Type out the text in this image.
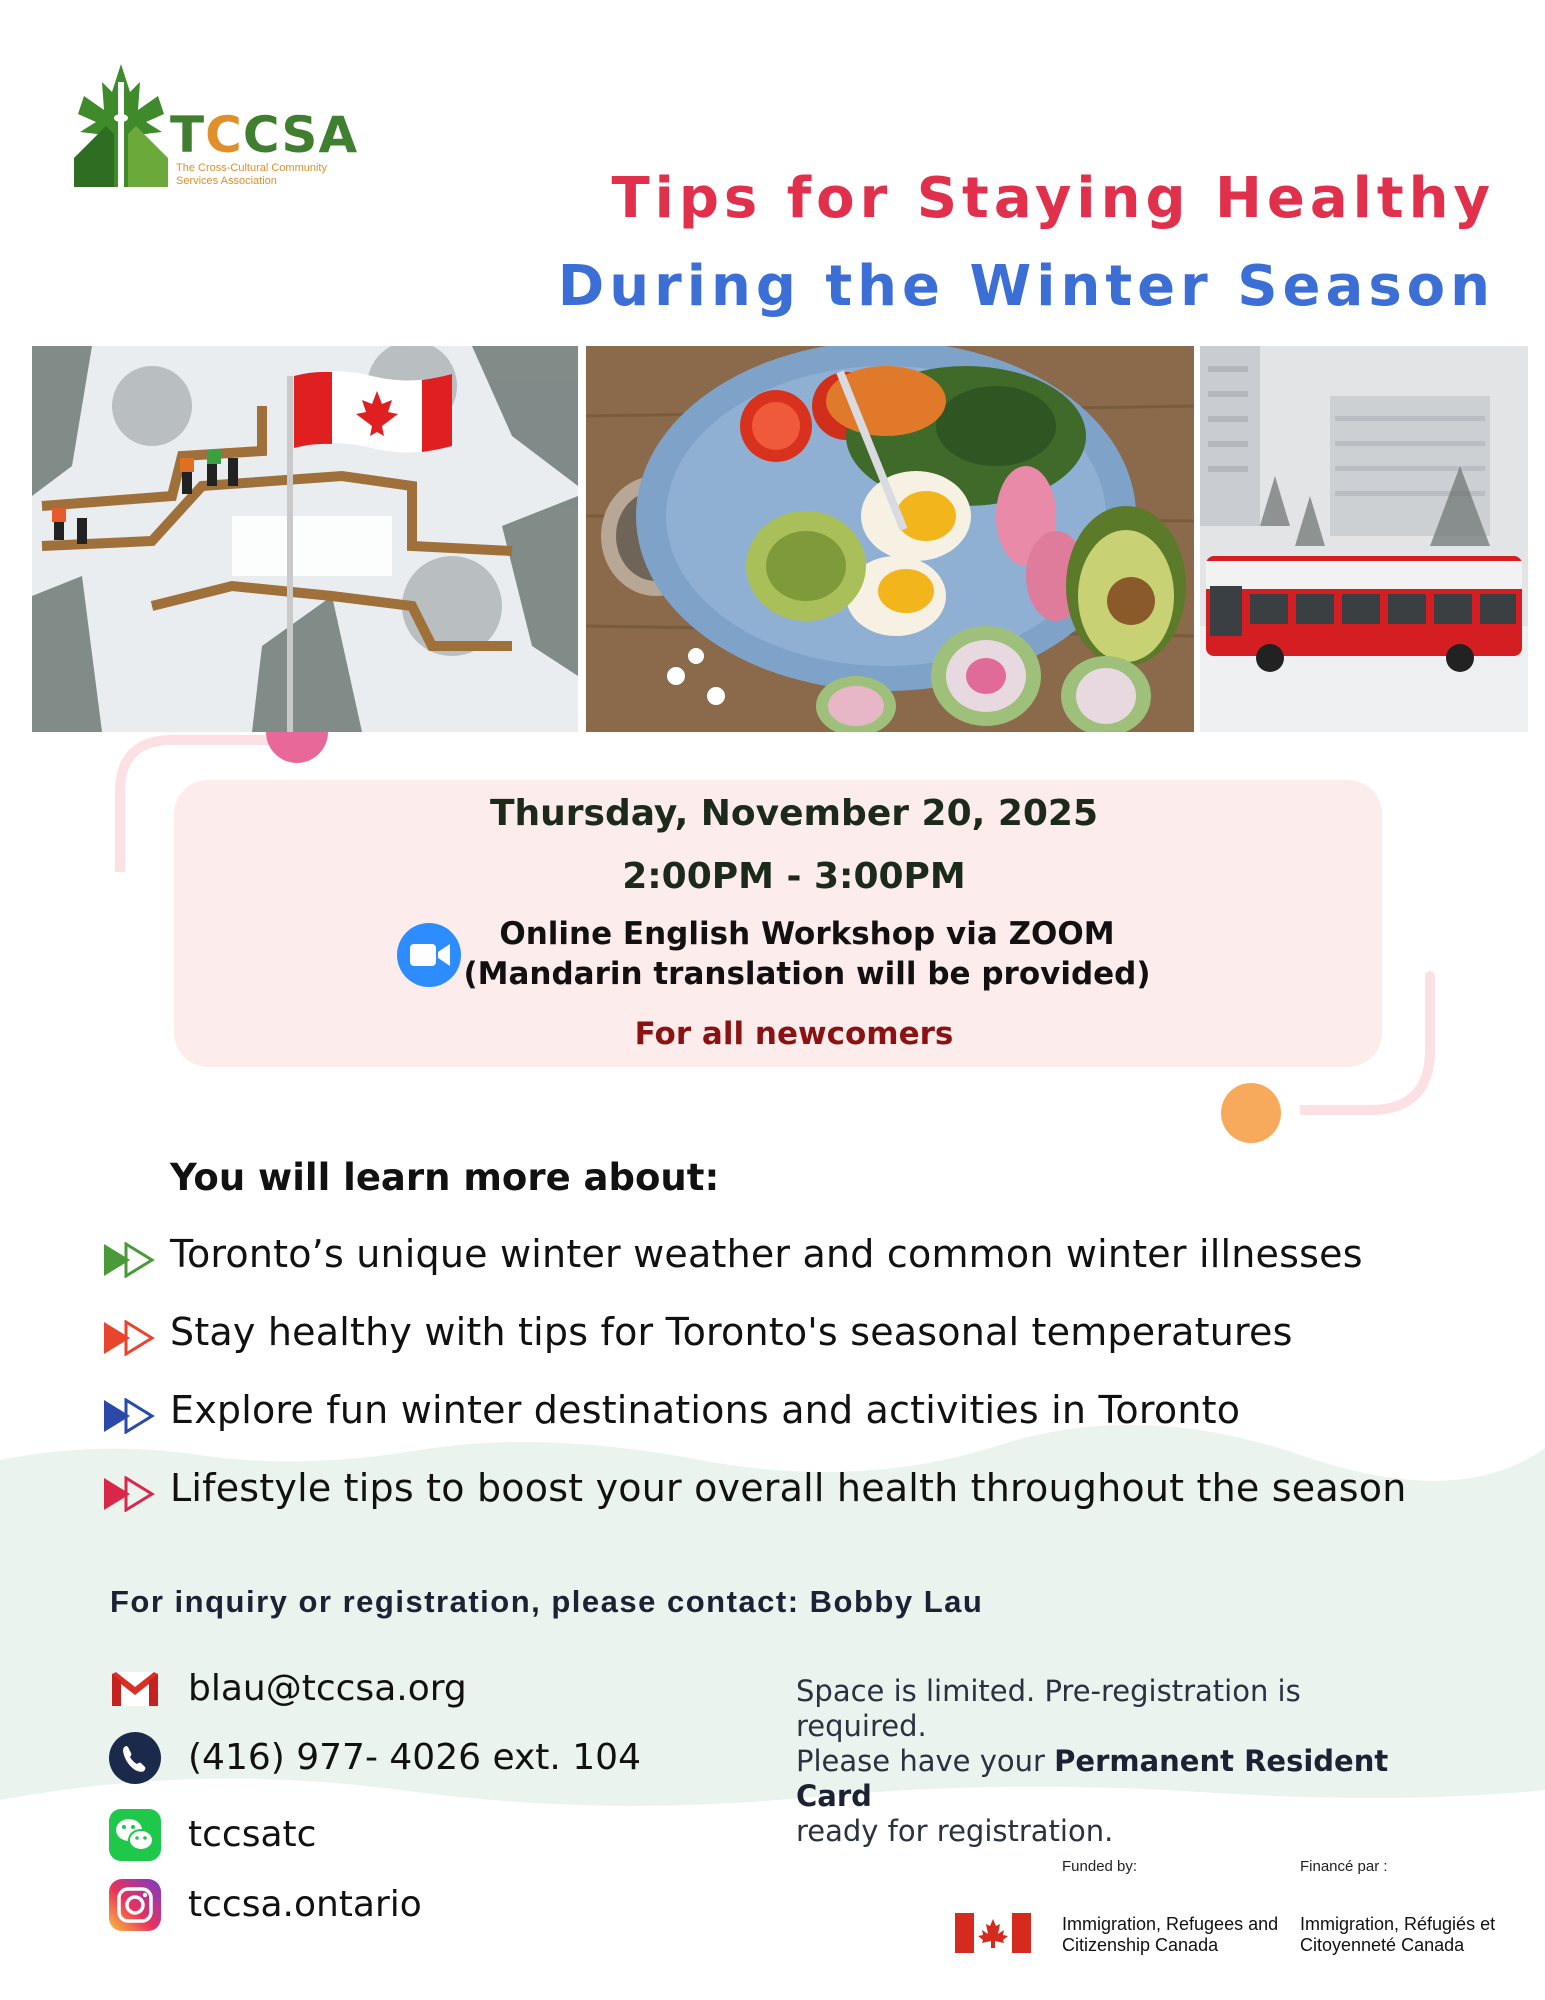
TCCSA
The Cross-Cultural Community Services Association	Tips for Staying Healthy
During the Winter Season
Thursday, November 20, 2025
2:00PM - 3:00PM
Online English Workshop via ZOOM
(Mandarin translation will be provided)
For all newcomers
You will learn more about:
Toronto’s unique winter weather and common winter illnesses
Stay healthy with tips for Toronto's seasonal temperatures
Explore fun winter destinations and activities in Toronto
Lifestyle tips to boost your overall health throughout the season
For inquiry or registration, please contact: Bobby Lau
blau@tccsa.org
(416) 977- 4026 ext. 104
tccsatc
tccsa.ontario
Space is limited. Pre-registration is required.
Please have your Permanent Resident Card
ready for registration.
Funded by:	Financé par :
Immigration, Refugees and Citizenship Canada
Immigration, Réfugiés et Citoyenneté Canada
